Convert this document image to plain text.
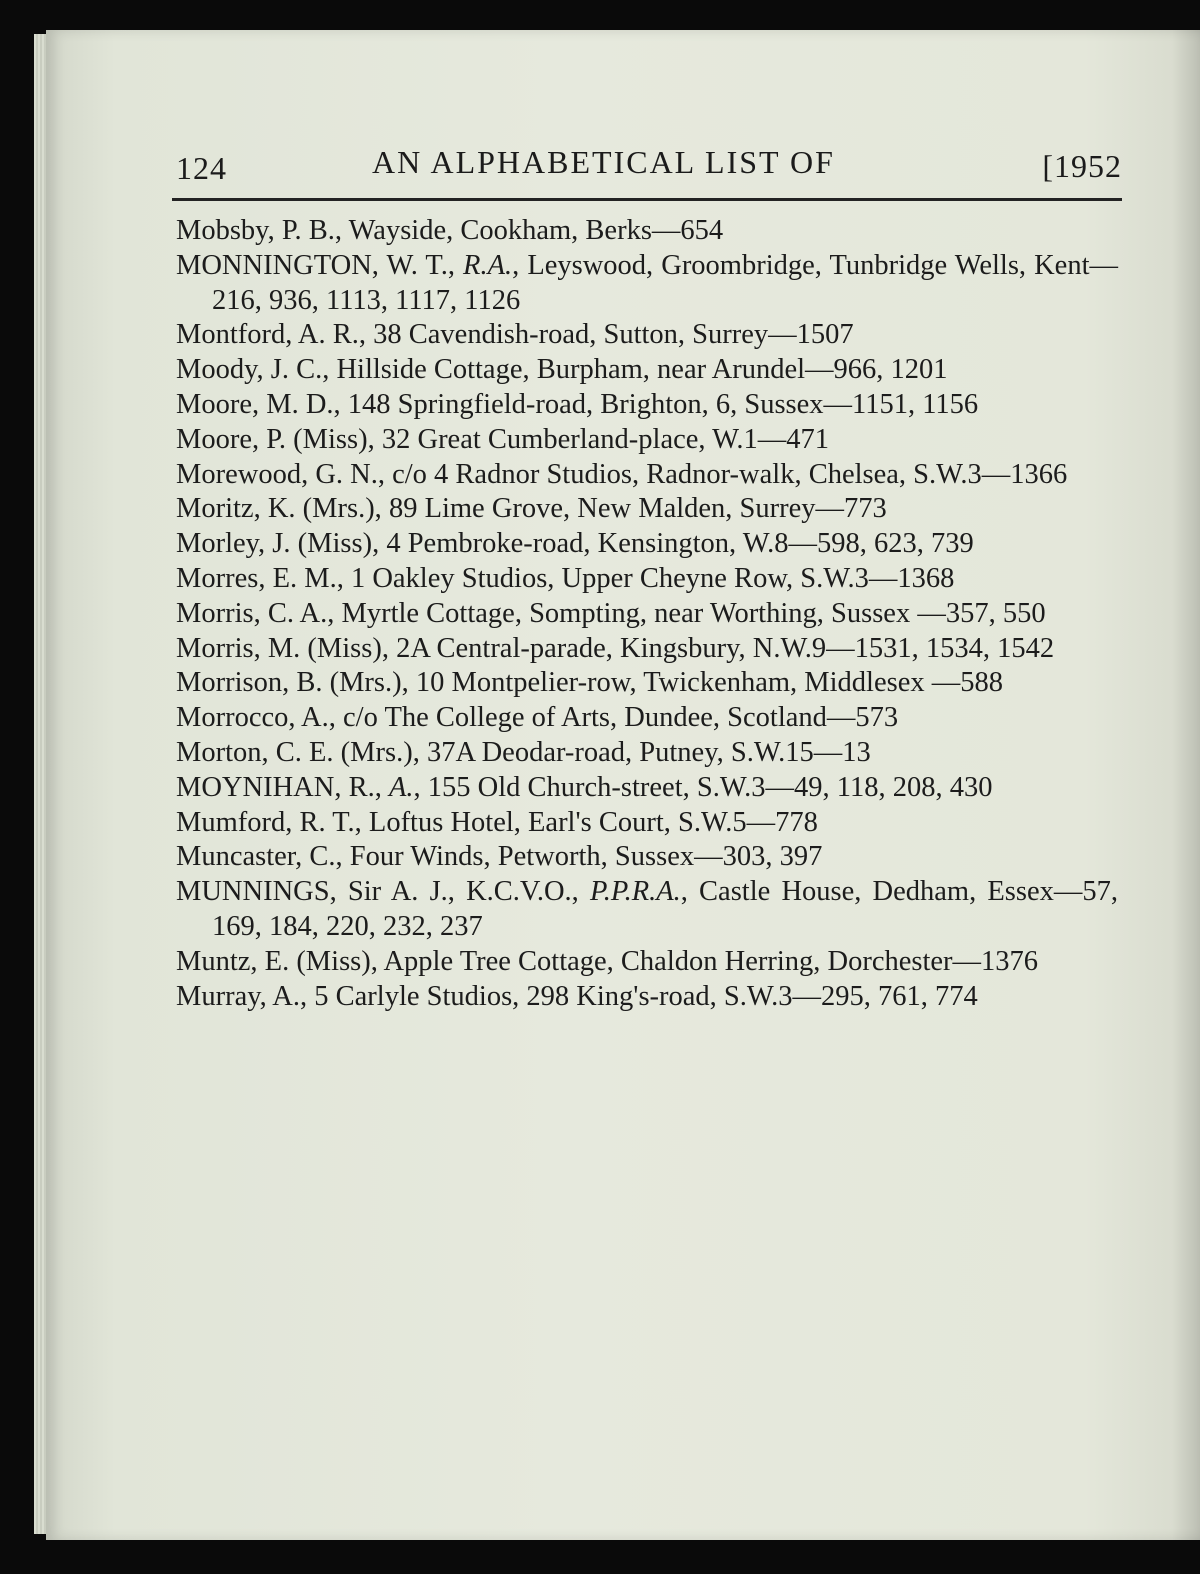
124	AN ALPHABETICAL LIST OF	[1952
Mobsby, P. B., Wayside, Cookham, Berks—654
MONNINGTON, W. T., R.A., Leyswood, Groombridge, Tunbridge Wells, Kent—216, 936, 1113, 1117, 1126
Montford, A. R., 38 Cavendish-road, Sutton, Surrey—1507
Moody, J. C., Hillside Cottage, Burpham, near Arundel—966, 1201
Moore, M. D., 148 Springfield-road, Brighton, 6, Sussex—1151, 1156
Moore, P. (Miss), 32 Great Cumberland-place, W.1—471
Morewood, G. N., c/o 4 Radnor Studios, Radnor-walk, Chelsea, S.W.3—1366
Moritz, K. (Mrs.), 89 Lime Grove, New Malden, Surrey—773
Morley, J. (Miss), 4 Pembroke-road, Kensington, W.8—598, 623, 739
Morres, E. M., 1 Oakley Studios, Upper Cheyne Row, S.W.3—1368
Morris, C. A., Myrtle Cottage, Sompting, near Worthing, Sussex —357, 550
Morris, M. (Miss), 2A Central-parade, Kingsbury, N.W.9—1531, 1534, 1542
Morrison, B. (Mrs.), 10 Montpelier-row, Twickenham, Middlesex —588
Morrocco, A., c/o The College of Arts, Dundee, Scotland—573
Morton, C. E. (Mrs.), 37A Deodar-road, Putney, S.W.15—13
MOYNIHAN, R., A., 155 Old Church-street, S.W.3—49, 118, 208, 430
Mumford, R. T., Loftus Hotel, Earl's Court, S.W.5—778
Muncaster, C., Four Winds, Petworth, Sussex—303, 397
MUNNINGS, Sir A. J., K.C.V.O., P.P.R.A., Castle House, Dedham, Essex—57, 169, 184, 220, 232, 237
Muntz, E. (Miss), Apple Tree Cottage, Chaldon Herring, Dorchester—1376
Murray, A., 5 Carlyle Studios, 298 King's-road, S.W.3—295, 761, 774
